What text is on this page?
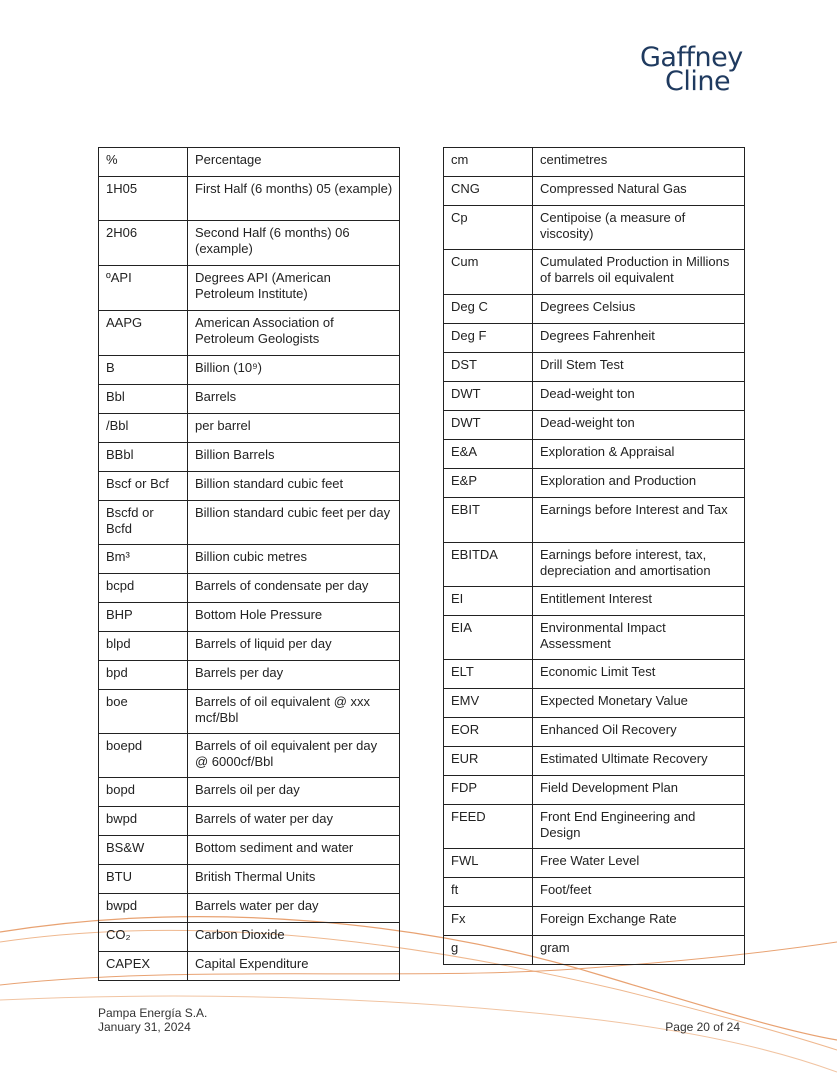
Gaffney
Cline
%	Percentage
1H05	First Half (6 months) 05 (example)
2H06	Second Half (6 months) 06 (example)
ºAPI	Degrees API (American Petroleum Institute)
AAPG	American Association of Petroleum Geologists
B	Billion (10⁹)
Bbl	Barrels
/Bbl	per barrel
BBbl	Billion Barrels
Bscf or Bcf	Billion standard cubic feet
Bscfd or Bcfd	Billion standard cubic feet per day
Bm³	Billion cubic metres
bcpd	Barrels of condensate per day
BHP	Bottom Hole Pressure
blpd	Barrels of liquid per day
bpd	Barrels per day
boe	Barrels of oil equivalent @ xxx mcf/Bbl
boepd	Barrels of oil equivalent per day @ 6000cf/Bbl
bopd	Barrels oil per day
bwpd	Barrels of water per day
BS&W	Bottom sediment and water
BTU	British Thermal Units
bwpd	Barrels water per day
CO₂	Carbon Dioxide
CAPEX	Capital Expenditure
cm	centimetres
CNG	Compressed Natural Gas
Cp	Centipoise (a measure of viscosity)
Cum	Cumulated Production in Millions of barrels oil equivalent
Deg C	Degrees Celsius
Deg F	Degrees Fahrenheit
DST	Drill Stem Test
DWT	Dead-weight ton
DWT	Dead-weight ton
E&A	Exploration & Appraisal
E&P	Exploration and Production
EBIT	Earnings before Interest and Tax
EBITDA	Earnings before interest, tax, depreciation and amortisation
EI	Entitlement Interest
EIA	Environmental Impact Assessment
ELT	Economic Limit Test
EMV	Expected Monetary Value
EOR	Enhanced Oil Recovery
EUR	Estimated Ultimate Recovery
FDP	Field Development Plan
FEED	Front End Engineering and Design
FWL	Free Water Level
ft	Foot/feet
Fx	Foreign Exchange Rate
g	gram
Pampa Energía S.A.
January 31, 2024	Page 20 of 24
